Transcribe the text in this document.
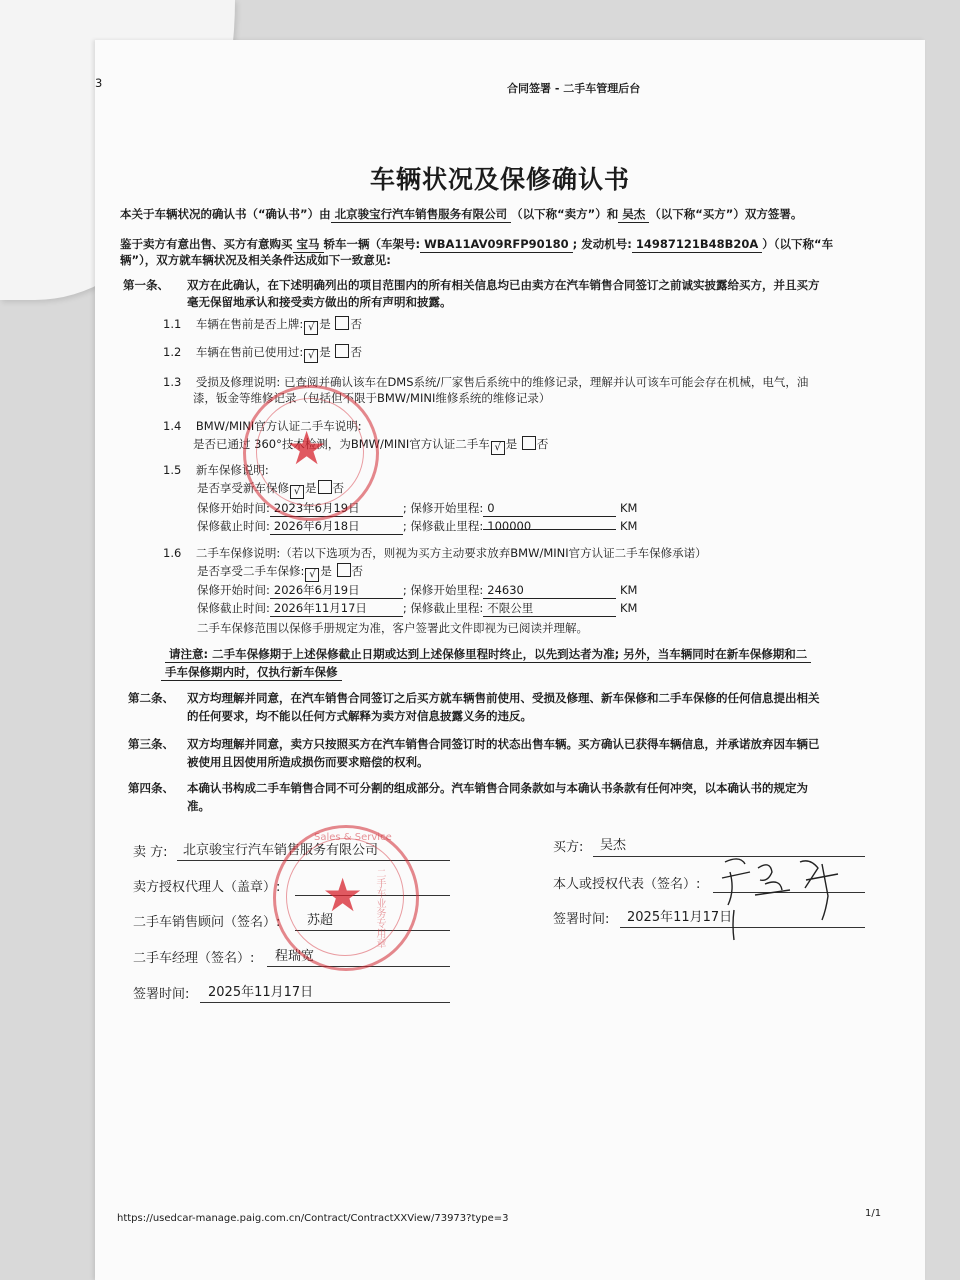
3	合同签署 - 二手车管理后台
车辆状况及保修确认书
本关于车辆状况的确认书（“确认书”）由 北京骏宝行汽车销售服务有限公司 （以下称“卖方”）和 吴杰 （以下称“买方”）双方签署。
鉴于卖方有意出售、买方有意购买 宝马 轿车一辆（车架号: WBA11AV09RFP90180 ; 发动机号: 14987121B48B20A ）（以下称“车
辆”），双方就车辆状况及相关条件达成如下一致意见:
第一条、 双方在此确认，在下述明确列出的项目范围内的所有相关信息均已由卖方在汽车销售合同签订之前诚实披露给买方，并且买方
毫无保留地承认和接受卖方做出的所有声明和披露。
1.1 车辆在售前是否上牌: √ 是 否
1.2 车辆在售前已使用过: √ 是 否
1.3 受损及修理说明: 已查阅并确认该车在DMS系统/厂家售后系统中的维修记录，理解并认可该车可能会存在机械，电气，油
漆，钣金等维修记录（包括但不限于BMW/MINI维修系统的维修记录）
1.4 BMW/MINI官方认证二手车说明:
是否已通过 360°技术检测，为BMW/MINI官方认证二手车 √ 是 否
1.5 新车保修说明:
是否享受新车保修 √ 是 否
保修开始时间: 2023年6月19日	; 保修开始里程: 0	KM
保修截止时间: 2026年6月18日	; 保修截止里程: 100000	KM
1.6 二手车保修说明:（若以下选项为否，则视为买方主动要求放弃BMW/MINI官方认证二手车保修承诺）
是否享受二手车保修: √ 是 否
保修开始时间: 2026年6月19日	; 保修开始里程: 24630	KM
保修截止时间: 2026年11月17日	; 保修截止里程: 不限公里	KM
二手车保修范围以保修手册规定为准，客户签署此文件即视为已阅读并理解。
请注意: 二手车保修期于上述保修截止日期或达到上述保修里程时终止，以先到达者为准; 另外，当车辆同时在新车保修期和二
手车保修期内时，仅执行新车保修
第二条、 双方均理解并同意，在汽车销售合同签订之后买方就车辆售前使用、受损及修理、新车保修和二手车保修的任何信息提出相关
的任何要求，均不能以任何方式解释为卖方对信息披露义务的违反。
第三条、 双方均理解并同意，卖方只按照买方在汽车销售合同签订时的状态出售车辆。买方确认已获得车辆信息，并承诺放弃因车辆已
被使用且因使用所造成损伤而要求赔偿的权利。
第四条、 本确认书构成二手车销售合同不可分割的组成部分。汽车销售合同条款如与本确认书条款有任何冲突，以本确认书的规定为
准。
卖 方: 北京骏宝行汽车销售服务有限公司
卖方授权代理人（盖章）:
二手车销售顾问（签名）: 苏超
二手车经理（签名）: 程瑞宽
签署时间: 2025年11月17日
买方: 吴杰
本人或授权代表（签名）:
签署时间: 2025年11月17日
★
Sales & Service
★ 二手车业务专用章
https://usedcar-manage.paig.com.cn/Contract/ContractXXView/73973?type=3	1/1
